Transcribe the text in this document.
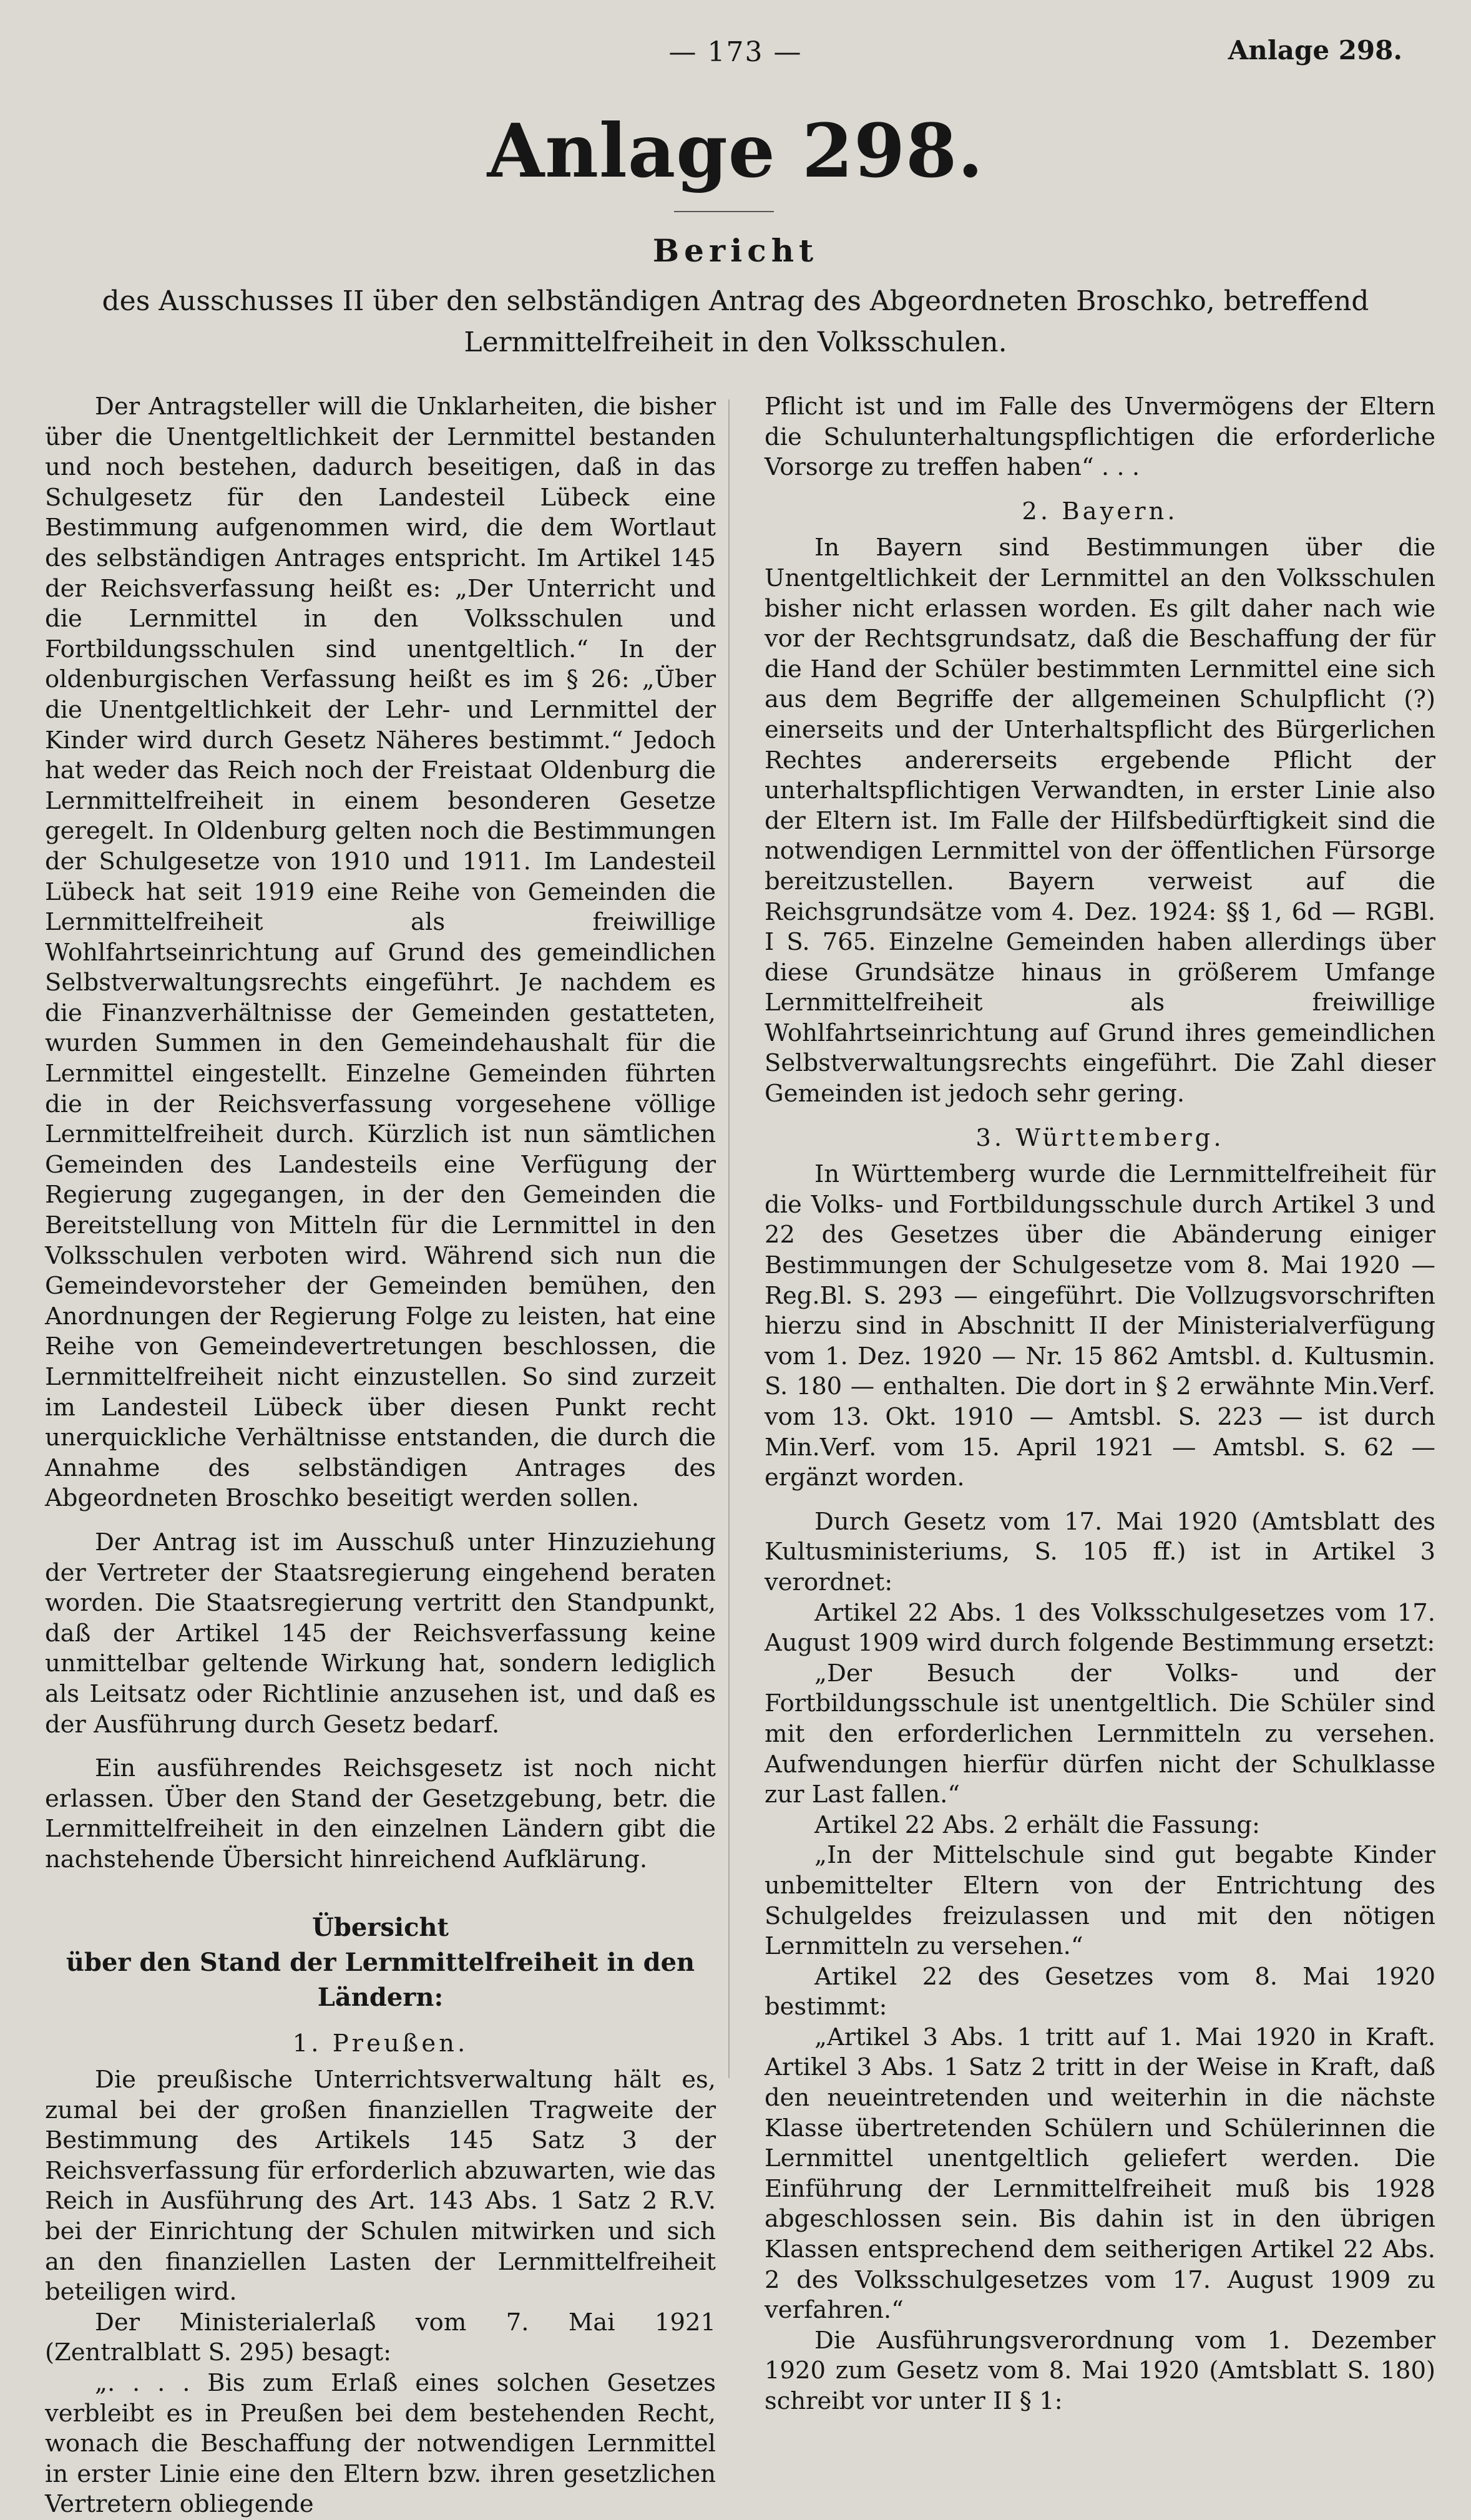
— 173 —	Anlage 298.
Anlage 298.
Bericht
des Ausschusses II über den selbständigen Antrag des Abgeordneten Broschko, betreffend Lernmittelfreiheit in den Volksschulen.

Der Antragsteller will die Unklarheiten, die bisher über die Unentgeltlichkeit der Lernmittel bestanden und noch bestehen, dadurch beseitigen, daß in das Schulgesetz für den Landesteil Lübeck eine Bestimmung aufgenommen wird, die dem Wortlaut des selbständigen Antrages entspricht. Im Artikel 145 der Reichsverfassung heißt es: „Der Unterricht und die Lernmittel in den Volksschulen und Fortbildungsschulen sind unentgeltlich.“ In der oldenburgischen Verfassung heißt es im § 26: „Über die Unentgeltlichkeit der Lehr- und Lernmittel der Kinder wird durch Gesetz Näheres bestimmt.“ Jedoch hat weder das Reich noch der Freistaat Oldenburg die Lernmittelfreiheit in einem besonderen Gesetze geregelt. In Oldenburg gelten noch die Bestimmungen der Schulgesetze von 1910 und 1911. Im Landesteil Lübeck hat seit 1919 eine Reihe von Gemeinden die Lernmittelfreiheit als freiwillige Wohlfahrtseinrichtung auf Grund des gemeindlichen Selbstverwaltungsrechts eingeführt. Je nachdem es die Finanzverhältnisse der Gemeinden gestatteten, wurden Summen in den Gemeindehaushalt für die Lernmittel eingestellt. Einzelne Gemeinden führten die in der Reichsverfassung vorgesehene völlige Lernmittelfreiheit durch. Kürzlich ist nun sämtlichen Gemeinden des Landesteils eine Verfügung der Regierung zugegangen, in der den Gemeinden die Bereitstellung von Mitteln für die Lernmittel in den Volksschulen verboten wird. Während sich nun die Gemeindevorsteher der Gemeinden bemühen, den Anordnungen der Regierung Folge zu leisten, hat eine Reihe von Gemeindevertretungen beschlossen, die Lernmittelfreiheit nicht einzustellen. So sind zurzeit im Landesteil Lübeck über diesen Punkt recht unerquickliche Verhältnisse entstanden, die durch die Annahme des selbständigen Antrages des Abgeordneten Broschko beseitigt werden sollen.

Der Antrag ist im Ausschuß unter Hinzuziehung der Vertreter der Staatsregierung eingehend beraten worden. Die Staatsregierung vertritt den Standpunkt, daß der Artikel 145 der Reichsverfassung keine unmittelbar geltende Wirkung hat, sondern lediglich als Leitsatz oder Richtlinie anzusehen ist, und daß es der Ausführung durch Gesetz bedarf.

Ein ausführendes Reichsgesetz ist noch nicht erlassen. Über den Stand der Gesetzgebung, betr. die Lernmittelfreiheit in den einzelnen Ländern gibt die nachstehende Übersicht hinreichend Aufklärung.

Übersicht
über den Stand der Lernmittelfreiheit in den Ländern:
1. Preußen.

Die preußische Unterrichtsverwaltung hält es, zumal bei der großen finanziellen Tragweite der Bestimmung des Artikels 145 Satz 3 der Reichsverfassung für erforderlich abzuwarten, wie das Reich in Ausführung des Art. 143 Abs. 1 Satz 2 R.V. bei der Einrichtung der Schulen mitwirken und sich an den finanziellen Lasten der Lernmittelfreiheit beteiligen wird.

Der Ministerialerlaß vom 7. Mai 1921 (Zentralblatt S. 295) besagt:

„. . . . Bis zum Erlaß eines solchen Gesetzes verbleibt es in Preußen bei dem bestehenden Recht, wonach die Beschaffung der notwendigen Lernmittel in erster Linie eine den Eltern bzw. ihren gesetzlichen Vertretern obliegende

Pflicht ist und im Falle des Unvermögens der Eltern die Schulunterhaltungspflichtigen die erforderliche Vorsorge zu treffen haben“ . . .

2. Bayern.

In Bayern sind Bestimmungen über die Unentgeltlichkeit der Lernmittel an den Volksschulen bisher nicht erlassen worden. Es gilt daher nach wie vor der Rechtsgrundsatz, daß die Beschaffung der für die Hand der Schüler bestimmten Lernmittel eine sich aus dem Begriffe der allgemeinen Schulpflicht (?) einerseits und der Unterhaltspflicht des Bürgerlichen Rechtes andererseits ergebende Pflicht der unterhaltspflichtigen Verwandten, in erster Linie also der Eltern ist. Im Falle der Hilfsbedürftigkeit sind die notwendigen Lernmittel von der öffentlichen Fürsorge bereitzustellen. Bayern verweist auf die Reichsgrundsätze vom 4. Dez. 1924: §§ 1, 6d — RGBl. I S. 765. Einzelne Gemeinden haben allerdings über diese Grundsätze hinaus in größerem Umfange Lernmittelfreiheit als freiwillige Wohlfahrtseinrichtung auf Grund ihres gemeindlichen Selbstverwaltungsrechts eingeführt. Die Zahl dieser Gemeinden ist jedoch sehr gering.

3. Württemberg.

In Württemberg wurde die Lernmittelfreiheit für die Volks- und Fortbildungsschule durch Artikel 3 und 22 des Gesetzes über die Abänderung einiger Bestimmungen der Schulgesetze vom 8. Mai 1920 — Reg.Bl. S. 293 — eingeführt. Die Vollzugsvorschriften hierzu sind in Abschnitt II der Ministerialverfügung vom 1. Dez. 1920 — Nr. 15 862 Amtsbl. d. Kultusmin. S. 180 — enthalten. Die dort in § 2 erwähnte Min.Verf. vom 13. Okt. 1910 — Amtsbl. S. 223 — ist durch Min.Verf. vom 15. April 1921 — Amtsbl. S. 62 — ergänzt worden.

Durch Gesetz vom 17. Mai 1920 (Amtsblatt des Kultusministeriums, S. 105 ff.) ist in Artikel 3 verordnet:

Artikel 22 Abs. 1 des Volksschulgesetzes vom 17. August 1909 wird durch folgende Bestimmung ersetzt:

„Der Besuch der Volks- und der Fortbildungsschule ist unentgeltlich. Die Schüler sind mit den erforderlichen Lernmitteln zu versehen. Aufwendungen hierfür dürfen nicht der Schulklasse zur Last fallen.“

Artikel 22 Abs. 2 erhält die Fassung:

„In der Mittelschule sind gut begabte Kinder unbemittelter Eltern von der Entrichtung des Schulgeldes freizulassen und mit den nötigen Lernmitteln zu versehen.“

Artikel 22 des Gesetzes vom 8. Mai 1920 bestimmt:

„Artikel 3 Abs. 1 tritt auf 1. Mai 1920 in Kraft. Artikel 3 Abs. 1 Satz 2 tritt in der Weise in Kraft, daß den neueintretenden und weiterhin in die nächste Klasse übertretenden Schülern und Schülerinnen die Lernmittel unentgeltlich geliefert werden. Die Einführung der Lernmittelfreiheit muß bis 1928 abgeschlossen sein. Bis dahin ist in den übrigen Klassen entsprechend dem seitherigen Artikel 22 Abs. 2 des Volksschulgesetzes vom 17. August 1909 zu verfahren.“

Die Ausführungsverordnung vom 1. Dezember 1920 zum Gesetz vom 8. Mai 1920 (Amtsblatt S. 180) schreibt vor unter II § 1:
